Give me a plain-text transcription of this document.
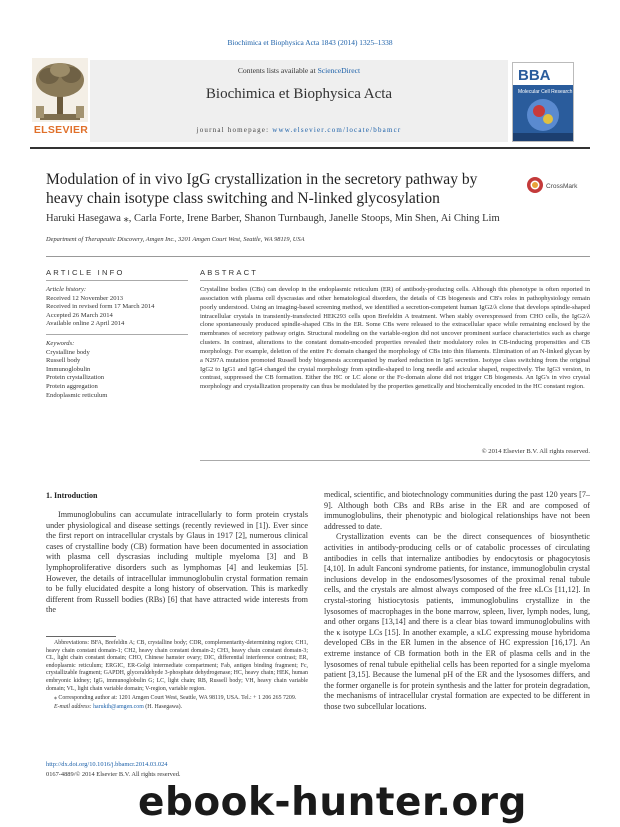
Biochimica et Biophysica Acta 1843 (2014) 1325–1338
Contents lists available at ScienceDirect
Biochimica et Biophysica Acta
journal homepage: www.elsevier.com/locate/bbamcr
ELSEVIER
BBA
Molecular Cell Research
Modulation of in vivo IgG crystallization in the secretory pathway by heavy chain isotype class switching and N-linked glycosylation
CrossMark
Haruki Hasegawa ⁎, Carla Forte, Irene Barber, Shanon Turnbaugh, Janelle Stoops, Min Shen, Ai Ching Lim
Department of Therapeutic Discovery, Amgen Inc., 3201 Amgen Court West, Seattle, WA 98119, USA
ARTICLE INFO	ABSTRACT
Article history:
Received 12 November 2013
Received in revised form 17 March 2014
Accepted 26 March 2014
Available online 2 April 2014
Keywords:
Crystalline body
Russell body
Immunoglobulin
Protein crystallization
Protein aggregation
Endoplasmic reticulum
Crystalline bodies (CBs) can develop in the endoplasmic reticulum (ER) of antibody-producing cells. Although this phenotype is often reported in association with plasma cell dyscrasias and other hematological disorders, the details of CB biogenesis and CB's roles in pathophysiology remain poorly understood. Using an imaging-based screening method, we identified a secretion-competent human IgG2/λ clone that develops spindle-shaped intracellular crystals in transiently-transfected HEK293 cells upon Brefeldin A treatment. When stably overexpressed from CHO cells, the IgG2/λ clone spontaneously produced spindle-shaped CBs in the ER. Some CBs were released to the extracellular space while remaining enclosed by the membranes of secretory pathway origin. Structural modeling on the variable-region did not uncover prominent surface characteristics such as charge clusters. In contrast, alterations to the constant domain-encoded properties revealed their modulatory roles in CB-inducing propensities and CB morphology. For example, deletion of the entire Fc domain changed the morphology of CBs into thin filaments. Elimination of an N-linked glycan by a N297A mutation promoted Russell body biogenesis accompanied by marked reduction in IgG secretion. Isotype class switching from the original IgG2 to IgG1 and IgG4 changed the crystal morphology from spindle-shaped to long needle and acicular shaped, respectively. The IgG3 version, in contrast, suppressed the CB formation. Either the HC or LC alone or the Fc-domain alone did not trigger CB biogenesis. An IgG's in vivo crystal morphology and crystallization propensity can thus be modulated by the properties genetically and biochemically encoded in the HC constant region.
© 2014 Elsevier B.V. All rights reserved.
1. Introduction
Immunoglobulins can accumulate intracellularly to form protein crystals under physiological and disease settings (recently reviewed in [1]). Ever since the first report on intracellular crystals by Glaus in 1917 [2], numerous clinical cases of crystalline body (CB) formation have been documented in association with plasma cell dyscrasias including multiple myeloma [3] and B lymphoproliferative disorders such as lymphomas [4] and leukemias [5]. However, the details of intracellular immunoglobulin crystal formation remain to be fully elucidated despite a long history of observation. This is markedly different from Russell bodies (RBs) [6] that have attracted wide interests from the
medical, scientific, and biotechnology communities during the past 120 years [7–9]. Although both CBs and RBs arise in the ER and are composed of immunoglobulins, their phenotypic and biological relationships have not been addressed to date.
Crystallization events can be the direct consequences of biosynthetic activities in antibody-producing cells or of catabolic processes of circulating antibodies in cells that internalize antibodies by endocytosis or phagocytosis [4,10]. In adult Fanconi syndrome patients, for instance, immunoglobulin crystal inclusions develop in the endosomes/lysosomes of the proximal renal tubule cells, and the crystals are almost always composed of the free κLCs [11,12]. In crystal-storing histiocytosis patients, immunoglobulins crystallize in the lysosomes of macrophages in the bone marrow, spleen, liver, lymph nodes, lung, and other organs [13,14] and there is a clear bias toward immunoglobulins with the κ isotype LCs [15]. In another example, a κLC expressing mouse hybridoma developed CBs in the ER lumen in the absence of HC expression [16,17]. An extreme instance of CB formation both in the ER of plasma cells and in the lysosomes of renal tubule epithelial cells has been reported for a single myeloma patient [3,15]. Because the lumenal pH of the ER and the lysosomes differs, and the former organelle is for protein synthesis and the latter for protein degradation, the mechanisms of intracellular crystal formation are expected to be different in those two subcellular locations.

Abbreviations: BFA, Brefeldin A; CB, crystalline body; CDR, complementarity-determining region; CH1, heavy chain constant domain-1; CH2, heavy chain constant domain-2; CH3, heavy chain constant domain-3; CL, light chain constant domain; CHO, Chinese hamster ovary; DIC, differential interference contrast; ER, endoplasmic reticulum; ERGIC, ER-Golgi intermediate compartment; Fab, antigen binding fragment; Fc, crystallizable fragment; GAPDH, glyceraldehyde 3-phosphate dehydrogenase; HC, heavy chain; HEK, human embryonic kidney; IgG, immunoglobulin G; LC, light chain; RB, Russell body; VH, heavy chain variable domain; VL, light chain variable domain; V-region, variable region.

⁎ Corresponding author at: 1201 Amgen Court West, Seattle, WA 98119, USA. Tel.: + 1 206 265 7209.

E-mail address: harukih@amgen.com (H. Hasegawa).

http://dx.doi.org/10.1016/j.bbamcr.2014.03.024
0167-4889/© 2014 Elsevier B.V. All rights reserved.
ebook-hunter.org
